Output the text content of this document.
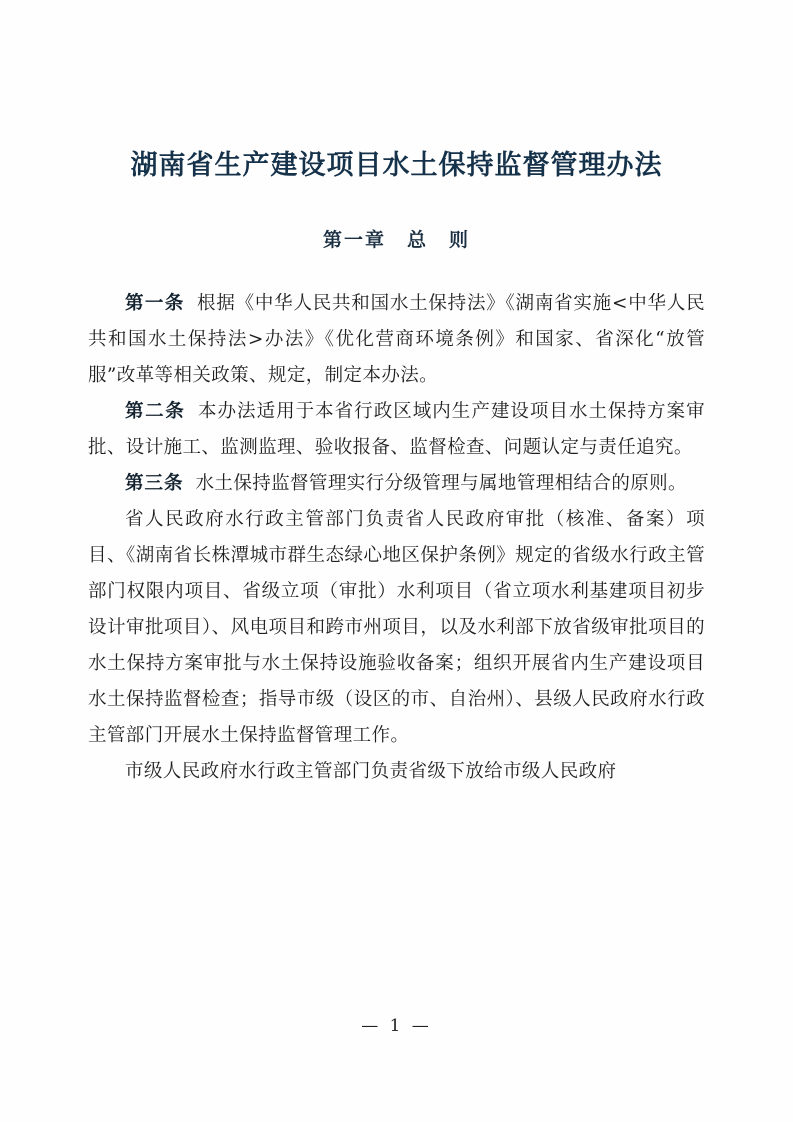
湖南省生产建设项目水土保持监督管理办法
第一章　总　则

第一条 根据《中华人民共和国水土保持法》《湖南省实施<中华人民共和国水土保持法>办法》《优化营商环境条例》和国家、省深化“放管服”改革等相关政策、规定，制定本办法。

第二条 本办法适用于本省行政区域内生产建设项目水土保持方案审批、设计施工、监测监理、验收报备、监督检查、问题认定与责任追究。

第三条 水土保持监督管理实行分级管理与属地管理相结合的原则。

省人民政府水行政主管部门负责省人民政府审批（核准、备案）项目、《湖南省长株潭城市群生态绿心地区保护条例》规定的省级水行政主管部门权限内项目、省级立项（审批）水利项目（省立项水利基建项目初步设计审批项目）、风电项目和跨市州项目，以及水利部下放省级审批项目的水土保持方案审批与水土保持设施验收备案；组织开展省内生产建设项目水土保持监督检查；指导市级（设区的市、自治州）、县级人民政府水行政主管部门开展水土保持监督管理工作。

市级人民政府水行政主管部门负责省级下放给市级人民政府

— 1 —
